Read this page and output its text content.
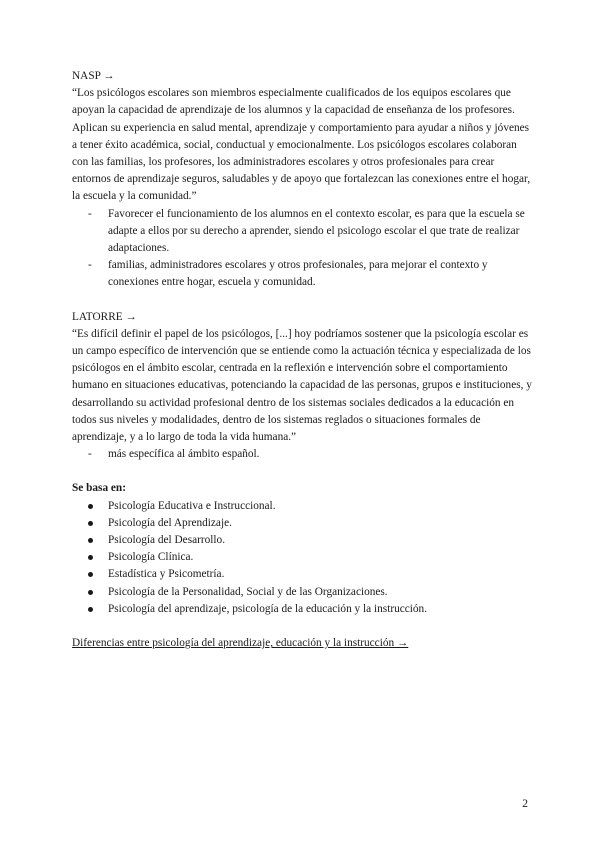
NASP →

“Los psicólogos escolares son miembros especialmente cualificados de los equipos escolares que apoyan la capacidad de aprendizaje de los alumnos y la capacidad de enseñanza de los profesores. Aplican su experiencia en salud mental, aprendizaje y comportamiento para ayudar a niños y jóvenes a tener éxito académica, social, conductual y emocionalmente. Los psicólogos escolares colaboran con las familias, los profesores, los administradores escolares y otros profesionales para crear entornos de aprendizaje seguros, saludables y de apoyo que fortalezcan las conexiones entre el hogar, la escuela y la comunidad.”

- Favorecer el funcionamiento de los alumnos en el contexto escolar, es para que la escuela se adapte a ellos por su derecho a aprender, siendo el psicologo escolar el que trate de realizar adaptaciones.
- familias, administradores escolares y otros profesionales, para mejorar el contexto y conexiones entre hogar, escuela y comunidad.

LATORRE →

“Es difícil definir el papel de los psicólogos, [...] hoy podríamos sostener que la psicología escolar es un campo específico de intervención que se entiende como la actuación técnica y especializada de los psicólogos en el ámbito escolar, centrada en la reflexión e intervención sobre el comportamiento humano en situaciones educativas, potenciando la capacidad de las personas, grupos e instituciones, y desarrollando su actividad profesional dentro de los sistemas sociales dedicados a la educación en todos sus niveles y modalidades, dentro de los sistemas reglados o situaciones formales de aprendizaje, y a lo largo de toda la vida humana.”

- más específica al ámbito español.

Se basa en:

Psicología Educativa e Instruccional.
Psicología del Aprendizaje.
Psicología del Desarrollo.
Psicología Clínica.
Estadística y Psicometría.
Psicología de la Personalidad, Social y de las Organizaciones.
Psicología del aprendizaje, psicología de la educación y la instrucción.

Diferencias entre psicología del aprendizaje, educación y la instrucción →

2
